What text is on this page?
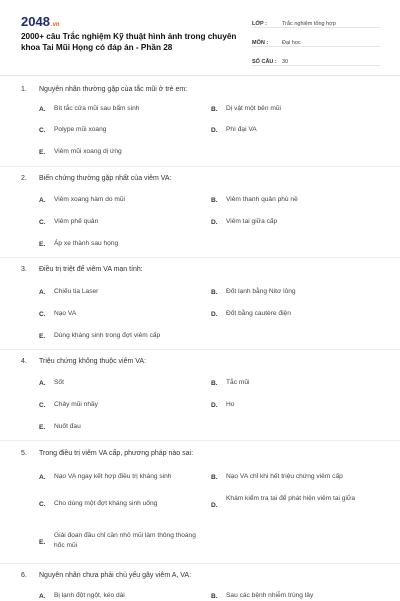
2048.vn
2000+ câu Trắc nghiệm Kỹ thuật hình ảnh trong chuyên khoa Tai Mũi Họng có đáp án - Phần 28
LỚP :	Trắc nghiệm tổng hợp
MÔN :	Đại học
SỐ CÂU : 30
1. Nguyên nhân thường gặp của tắc mũi ở trẻ em:
A. Bít tắc cửa mũi sau bẩm sinh	B. Dị vật một bên mũi
C. Polype mũi xoang	D. Phì đại VA
E. Viêm mũi xoang dị ứng
2. Biến chứng thường gặp nhất của viêm VA:
A. Viêm xoang hàm do mũi	B. Viêm thanh quản phù nề
C. Viêm phế quản	D. Viêm tai giữa cấp
E. Áp xe thành sau họng
3. Điều trị triệt để viêm VA mạn tính:
A. Chiếu tia Laser	B. Đốt lạnh bằng Nitơ lỏng
C. Nạo VA	D. Đốt bằng cautère điện
E. Dùng kháng sinh trong đợt viêm cấp
4. Triệu chứng không thuộc viêm VA:
A. Sốt	B. Tắc mũi
C. Chảy mũi nhầy	D. Ho
E. Nuốt đau
5. Trong điều trị viêm VA cấp, phương pháp nào sai:
A. Nạo VA ngay kết hợp điều trị kháng sinh	B. Nạo VA chỉ khi hết triệu chứng viêm cấp
C. Cho dùng một đợt kháng sinh uống	D.
Khám kiểm tra tai để phát hiện viêm tai giữa
E.
Giải đọan đầu chỉ cần nhỏ mũi làm thông thoáng hốc mũi
6. Nguyên nhân chưa phải chủ yếu gây viêm A, VA:
A. Bị lạnh đột ngột, kéo dài	B. Sau các bệnh nhiễm trùng lây
